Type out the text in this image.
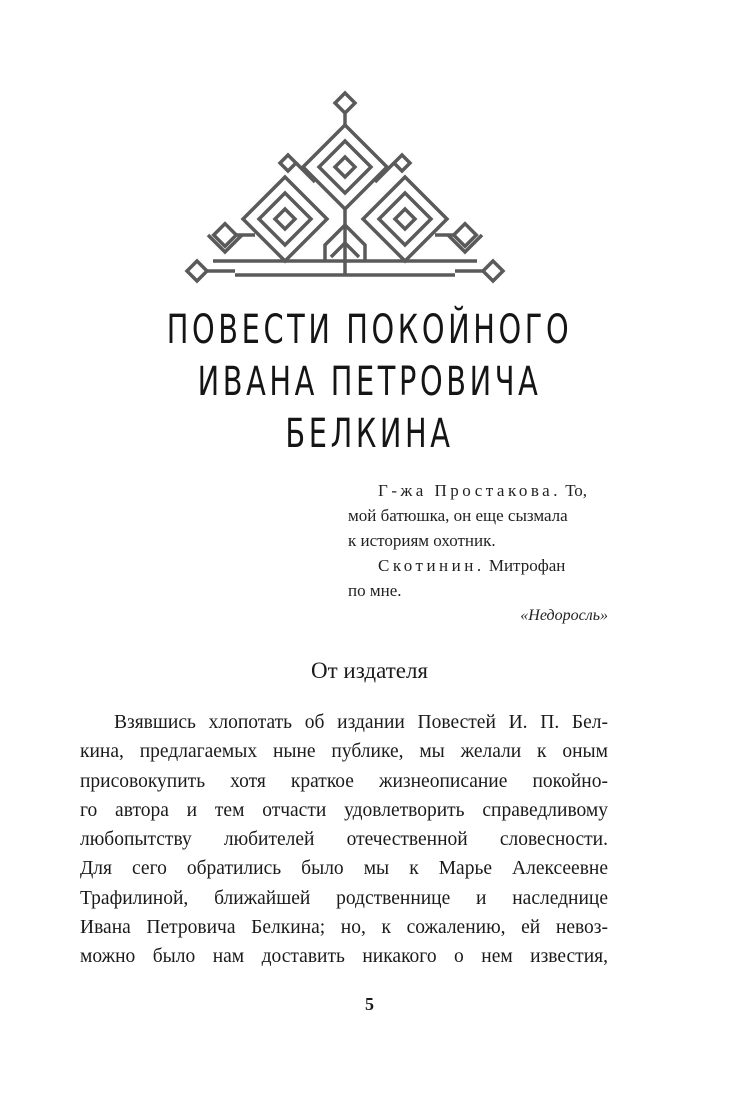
ПОВЕСТИ ПОКОЙНОГО
ИВАНА ПЕТРОВИЧА
БЕЛКИНА

Г-жа Простакова. То,

мой батюшка, он еще сызмала

к историям охотник.

Скотинин. Митрофан

по мне.

«Недоросль»

От издателя
Взявшись хлопотать об издании Повестей И. П. Бел-
кина, предлагаемых ныне публике, мы желали к оным
присовокупить хотя краткое жизнеописание покойно-
го автора и тем отчасти удовлетворить справедливому
любопытству любителей отечественной словесности.
Для сего обратились было мы к Марье Алексеевне
Трафилиной, ближайшей родственнице и наследнице
Ивана Петровича Белкина; но, к сожалению, ей невоз-
можно было нам доставить никакого о нем известия,
5
